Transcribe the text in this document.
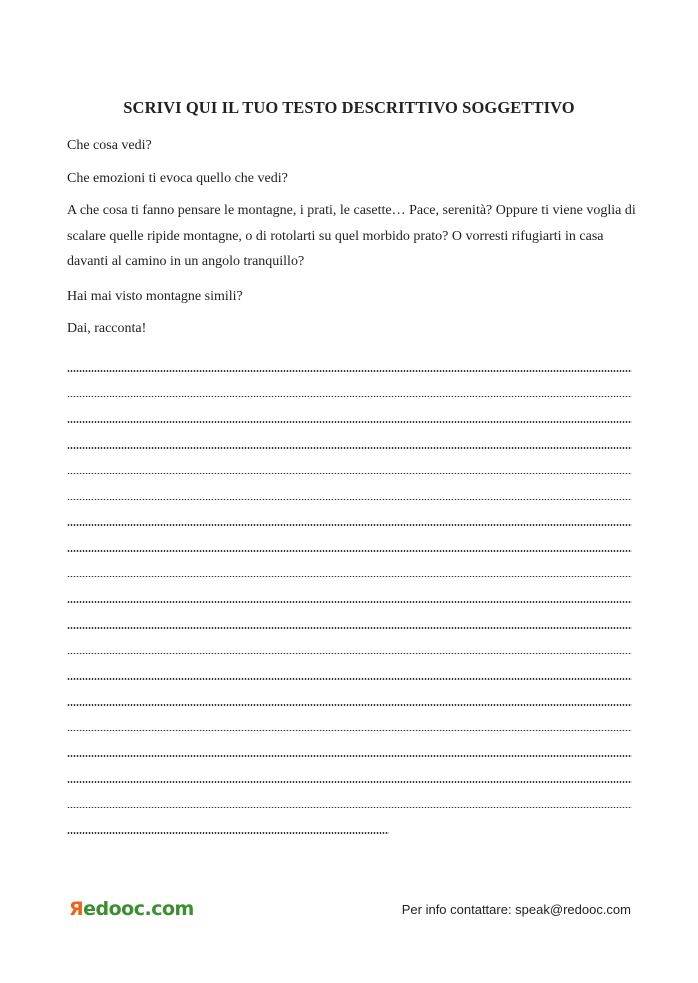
SCRIVI QUI IL TUO TESTO DESCRITTIVO SOGGETTIVO
Che cosa vedi?
Che emozioni ti evoca quello che vedi?
A che cosa ti fanno pensare le montagne, i prati, le casette… Pace, serenità? Oppure ti viene voglia di scalare quelle ripide montagne, o di rotolarti su quel morbido prato? O vorresti rifugiarti in casa davanti al camino in un angolo tranquillo?
Hai mai visto montagne simili?
Dai, racconta!
Яedooc.com	Per info contattare: speak@redooc.com
